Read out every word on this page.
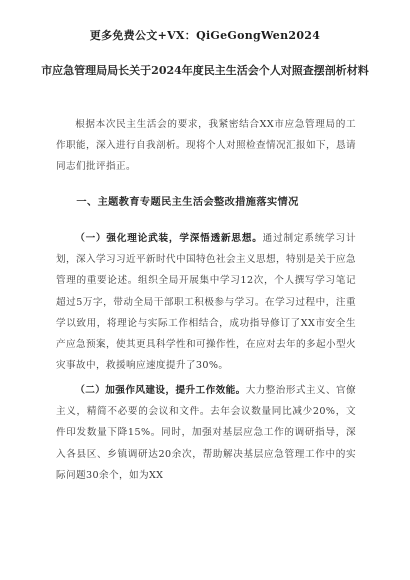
更多免费公文+VX：QiGeGongWen2024
市应急管理局局长关于2024年度民主生活会个人对照查摆剖析材料
根据本次民主生活会的要求，我紧密结合XX市应急管理局的工作职能，深入进行自我剖析。现将个人对照检查情况汇报如下，恳请同志们批评指正。
一、主题教育专题民主生活会整改措施落实情况
（一）强化理论武装，学深悟透新思想。通过制定系统学习计划，深入学习习近平新时代中国特色社会主义思想，特别是关于应急管理的重要论述。组织全局开展集中学习12次，个人撰写学习笔记超过5万字，带动全局干部职工积极参与学习。在学习过程中，注重学以致用，将理论与实际工作相结合，成功指导修订了XX市安全生产应急预案，使其更具科学性和可操作性，在应对去年的多起小型火灾事故中，救援响应速度提升了30%。
（二）加强作风建设，提升工作效能。大力整治形式主义、官僚主义，精简不必要的会议和文件。去年会议数量同比减少20%，文件印发数量下降15%。同时，加强对基层应急工作的调研指导，深入各县区、乡镇调研达20余次，帮助解决基层应急管理工作中的实际问题30余个，如为XX
